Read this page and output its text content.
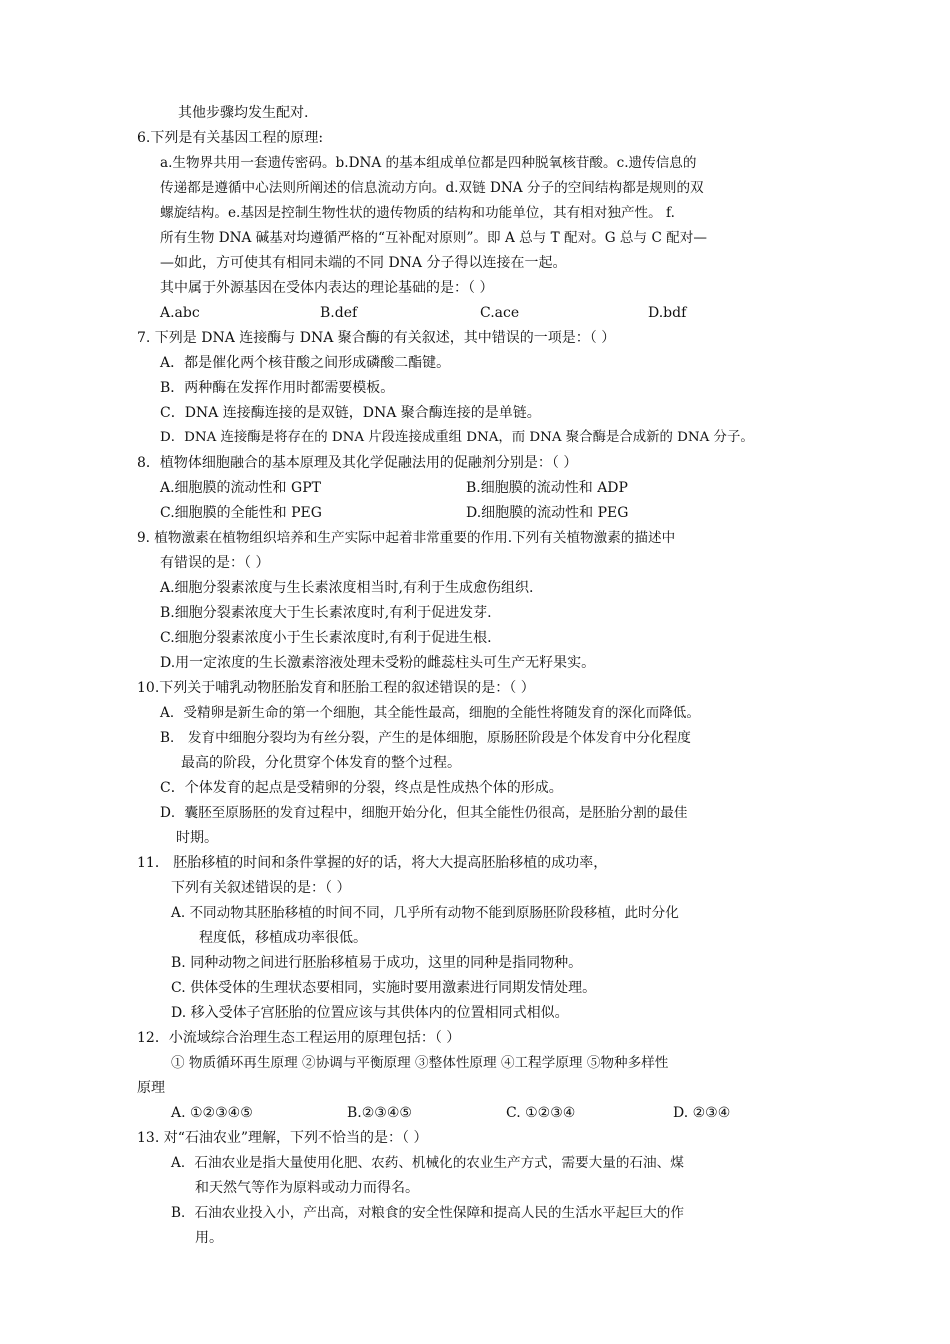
其他步骤均发生配对.
6.下列是有关基因工程的原理:
a.生物界共用一套遗传密码。b.DNA 的基本组成单位都是四种脱氧核苷酸。c.遗传信息的
传递都是遵循中心法则所阐述的信息流动方向。d.双链 DNA 分子的空间结构都是规则的双
螺旋结构。e.基因是控制生物性状的遗传物质的结构和功能单位，其有相对独产性。 f.
所有生物 DNA 碱基对均遵循严格的“互补配对原则”。即 A 总与 T 配对。G 总与 C 配对—
—如此，方可使其有相同未端的不同 DNA 分子得以连接在一起。
其中属于外源基因在受体内表达的理论基础的是：（ ）
A.abc	B.def	C.ace	D.bdf
7. 下列是 DNA 连接酶与 DNA 聚合酶的有关叙述，其中错误的一项是：（ ）
A．都是催化两个核苷酸之间形成磷酸二酯键。
B．两种酶在发挥作用时都需要模板。
C．DNA 连接酶连接的是双链，DNA 聚合酶连接的是单链。
D．DNA 连接酶是将存在的 DNA 片段连接成重组 DNA，而 DNA 聚合酶是合成新的 DNA 分子。
8．植物体细胞融合的基本原理及其化学促融法用的促融剂分别是：（ ）
A.细胞膜的流动性和 GPT	B.细胞膜的流动性和 ADP
C.细胞膜的全能性和 PEG	D.细胞膜的流动性和 PEG
9. 植物激素在植物组织培养和生产实际中起着非常重要的作用.下列有关植物激素的描述中
有错误的是：（ ）
A.细胞分裂素浓度与生长素浓度相当时,有利于生成愈伤组织.
B.细胞分裂素浓度大于生长素浓度时,有利于促进发芽.
C.细胞分裂素浓度小于生长素浓度时,有利于促进生根.
D.用一定浓度的生长激素溶液处理未受粉的雌蕊柱头可生产无籽果实。
10.下列关于哺乳动物胚胎发育和胚胎工程的叙述错误的是：（ ）
A．受精卵是新生命的第一个细胞，其全能性最高，细胞的全能性将随发育的深化而降低。
B． 发育中细胞分裂均为有丝分裂，产生的是体细胞，原肠胚阶段是个体发育中分化程度
最高的阶段，分化贯穿个体发育的整个过程。
C．个体发育的起点是受精卵的分裂，终点是性成热个体的形成。
D．囊胚至原肠胚的发育过程中，细胞开始分化，但其全能性仍很高，是胚胎分割的最佳
时期。
11． 胚胎移植的时间和条件掌握的好的话，将大大提高胚胎移植的成功率，
下列有关叙述错误的是：（ ）
A. 不同动物其胚胎移植的时间不同，几乎所有动物不能到原肠胚阶段移植，此时分化
程度低，移植成功率很低。
B. 同种动物之间进行胚胎移植易于成功，这里的同种是指同物种。
C. 供体受体的生理状态要相同，实施时要用激素进行同期发情处理。
D. 移入受体子宫胚胎的位置应该与其供体内的位置相同式相似。
12．小流域综合治理生态工程运用的原理包括：（ ）
① 物质循环再生原理 ②协调与平衡原理 ③整体性原理 ④工程学原理 ⑤物种多样性
原理
A. ①②③④⑤	B.②③④⑤	C. ①②③④	D. ②③④
13. 对“石油农业”理解，下列不恰当的是：（ ）
A．石油农业是指大量使用化肥、农药、机械化的农业生产方式，需要大量的石油、煤
和天然气等作为原料或动力而得名。
B．石油农业投入小，产出高，对粮食的安全性保障和提高人民的生活水平起巨大的作
用。
